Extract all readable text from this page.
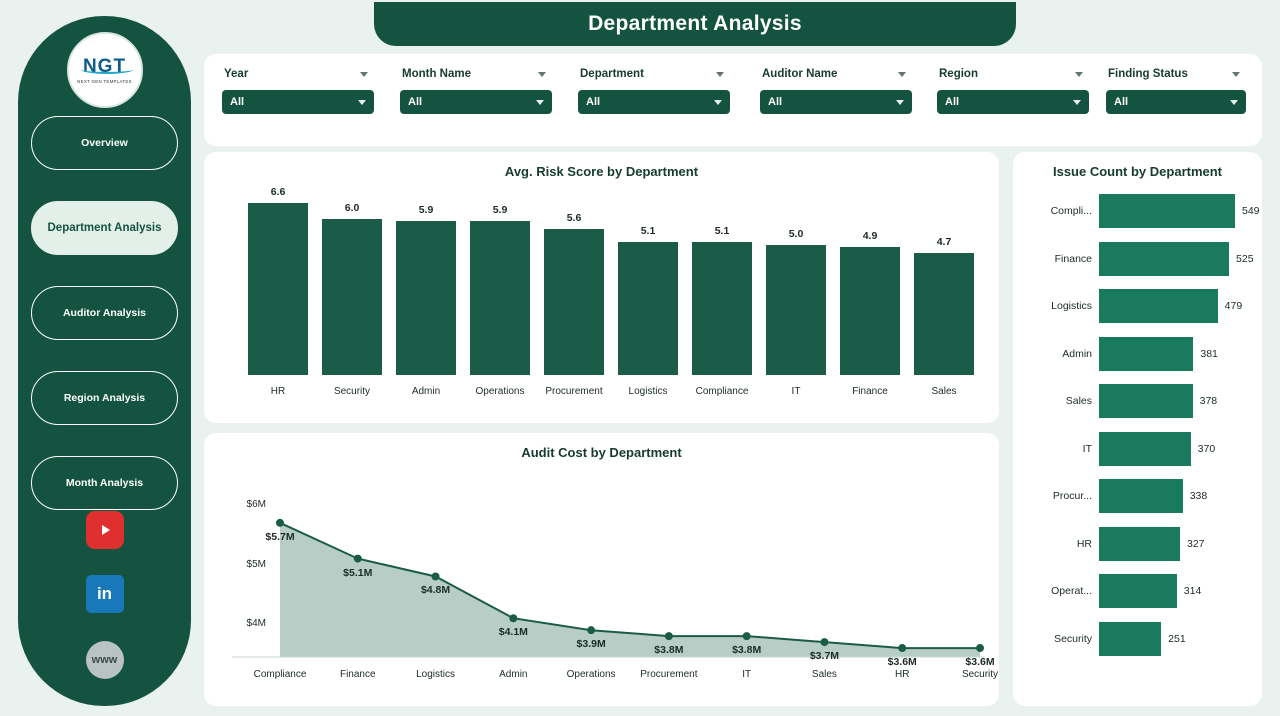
NGT
NEXT GEN TEMPLATES
Overview
Department Analysis
Auditor Analysis
Region Analysis
Month Analysis
in
www
Department Analysis
Year
All
Month Name
All
Department
All
Auditor Name
All
Region
All
Finding Status
All
Avg. Risk Score by Department
6.6
HR
6.0
Security
5.9
Admin
5.9
Operations
5.6
Procurement
5.1
Logistics
5.1
Compliance
5.0
IT
4.9
Finance
4.7
Sales
Audit Cost by Department
$4M
$5M
$6M
$5.7M
$5.1M
$4.8M
$4.1M
$3.9M	$3.8M	$3.8M	$3.7M	$3.6M	$3.6M
Compliance	Finance	Logistics	Admin	Operations	Procurement	IT	Sales	HR	Security
Issue Count by Department
Compli...	549
Finance	525
Logistics	479
Admin	381
Sales	378
IT	370
Procur...	338
HR	327
Operat...	314
Security	251
